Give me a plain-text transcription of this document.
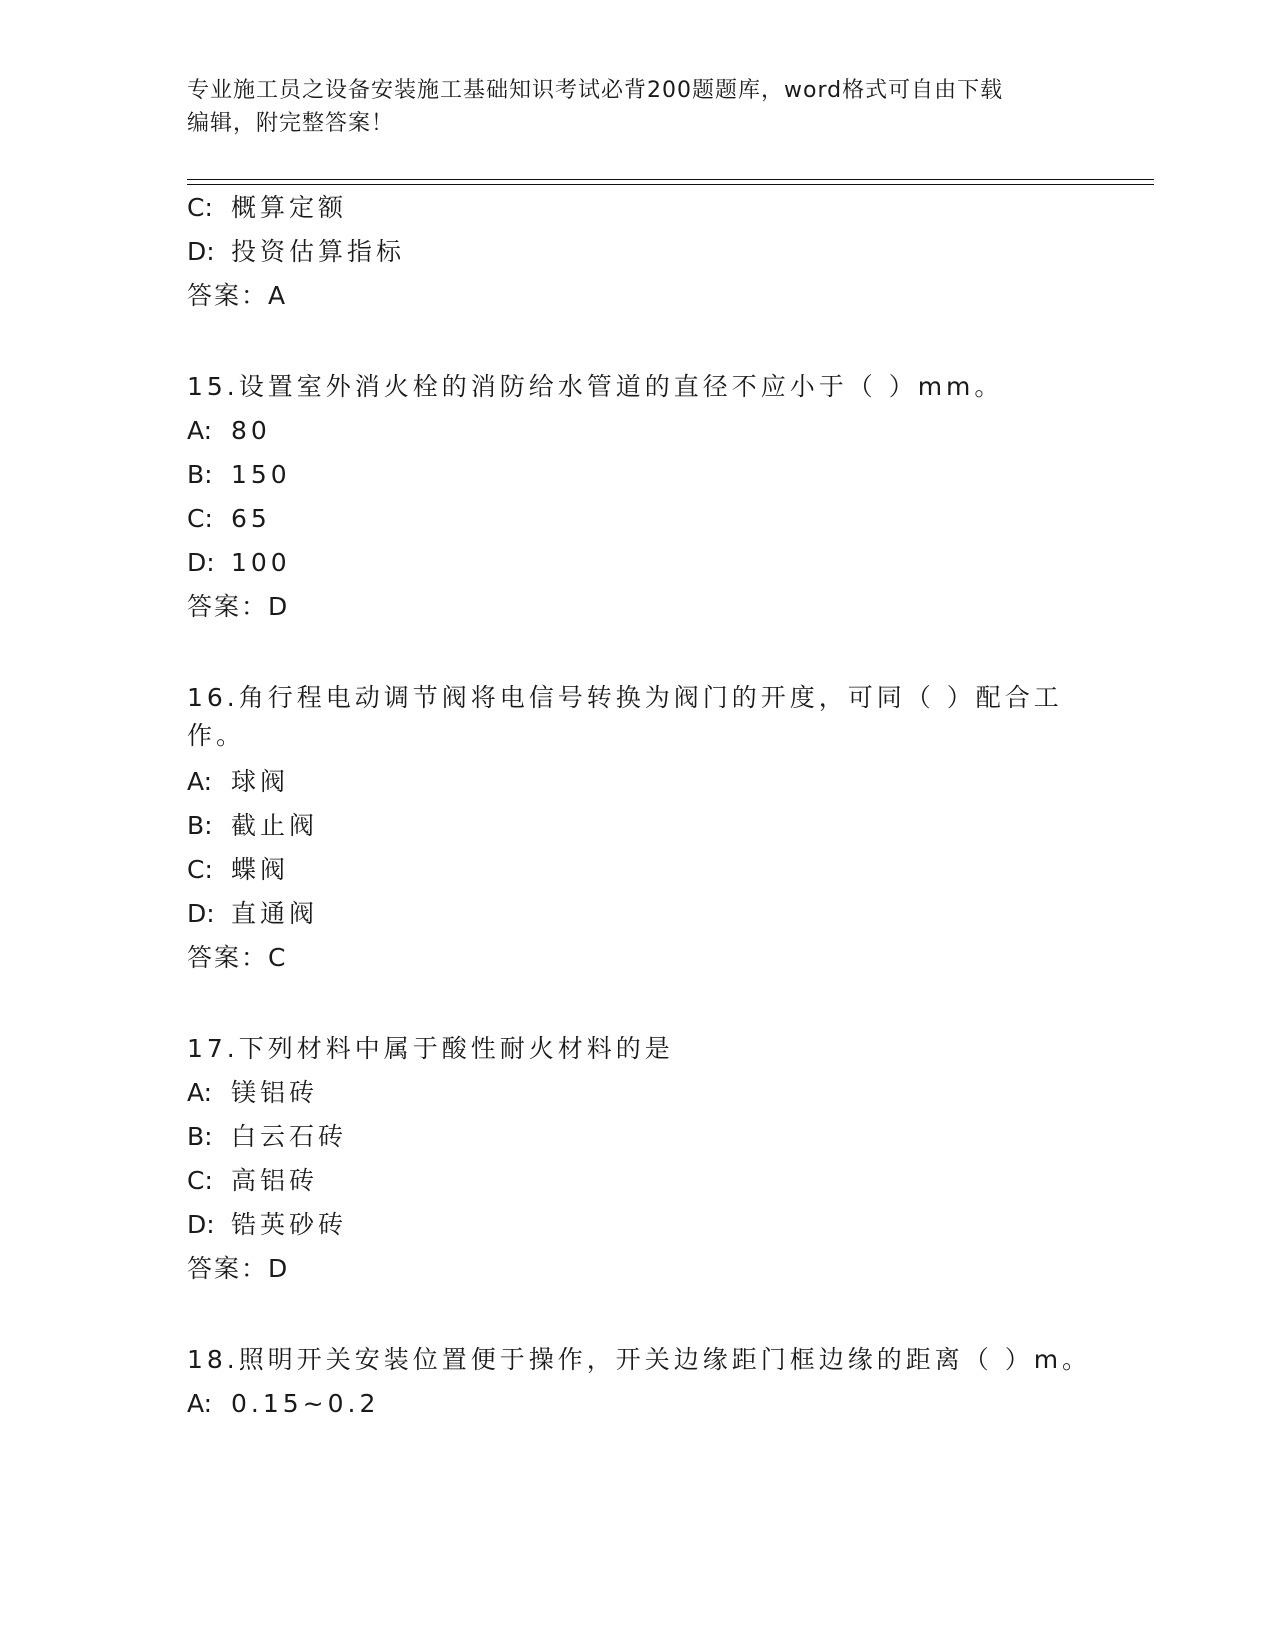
专业施工员之设备安装施工基础知识考试必背200题题库，word格式可自由下载
编辑，附完整答案！
C: 概算定额
D: 投资估算指标
答案：A
15.设置室外消火栓的消防给水管道的直径不应小于（ ）mm。
A: 80
B: 150
C: 65
D: 100
答案：D
16.角行程电动调节阀将电信号转换为阀门的开度，可同（ ）配合工
作。
A: 球阀
B: 截止阀
C: 蝶阀
D: 直通阀
答案：C
17.下列材料中属于酸性耐火材料的是
A: 镁铝砖
B: 白云石砖
C: 高铝砖
D: 锆英砂砖
答案：D
18.照明开关安装位置便于操作，开关边缘距门框边缘的距离（ ）m。
A: 0.15~0.2
